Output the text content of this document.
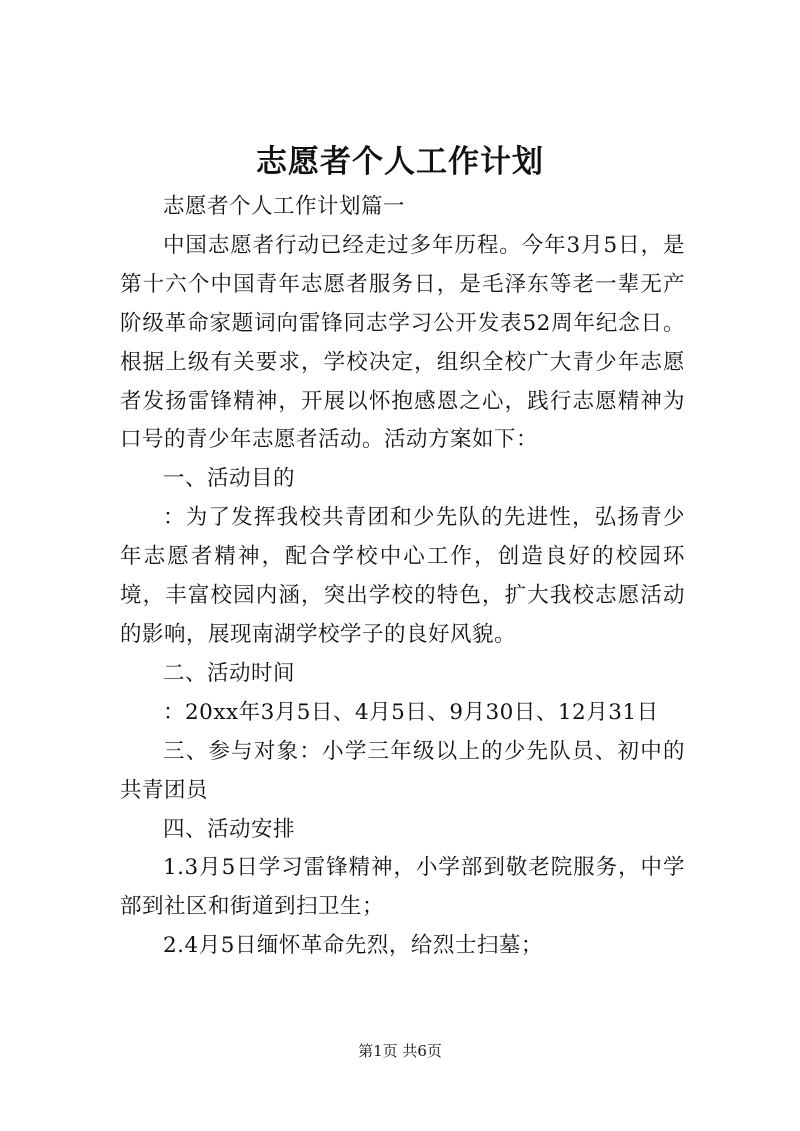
志愿者个人工作计划

志愿者个人工作计划篇一

中国志愿者行动已经走过多年历程。今年3月5日，是第十六个中国青年志愿者服务日，是毛泽东等老一辈无产阶级革命家题词向雷锋同志学习公开发表52周年纪念日。根据上级有关要求，学校决定，组织全校广大青少年志愿者发扬雷锋精神，开展以怀抱感恩之心，践行志愿精神为口号的青少年志愿者活动。活动方案如下：

一、活动目的

：为了发挥我校共青团和少先队的先进性，弘扬青少年志愿者精神，配合学校中心工作，创造良好的校园环境，丰富校园内涵，突出学校的特色，扩大我校志愿活动的影响，展现南湖学校学子的良好风貌。

二、活动时间

：20xx年3月5日、4月5日、9月30日、12月31日

三、参与对象：小学三年级以上的少先队员、初中的共青团员

四、活动安排

1.3月5日学习雷锋精神，小学部到敬老院服务，中学部到社区和街道到扫卫生；

2.4月5日缅怀革命先烈，给烈士扫墓；

第1页 共6页
